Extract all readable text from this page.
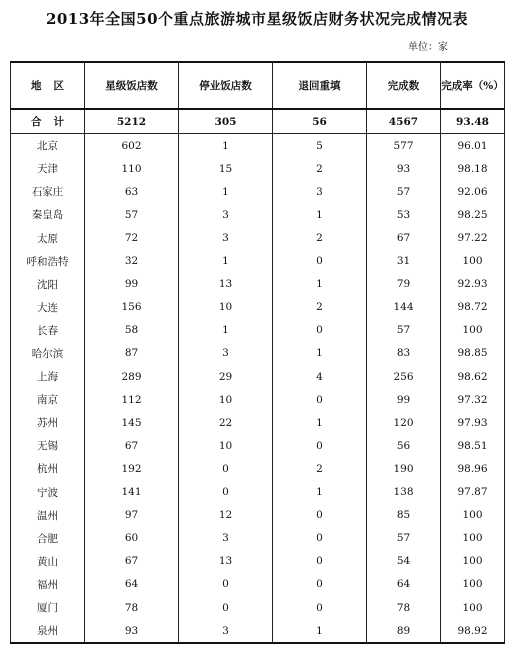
2013年全国50个重点旅游城市星级饭店财务状况完成情况表
单位：家
地区	星级饭店数	停业饭店数	退回重填	完成数	完成率（%）
合计	5212	305	56	4567	93.48
北京	602	1	5	577	96.01
天津	110	15	2	93	98.18
石家庄	63	1	3	57	92.06
秦皇岛	57	3	1	53	98.25
太原	72	3	2	67	97.22
呼和浩特	32	1	0	31	100
沈阳	99	13	1	79	92.93
大连	156	10	2	144	98.72
长春	58	1	0	57	100
哈尔滨	87	3	1	83	98.85
上海	289	29	4	256	98.62
南京	112	10	0	99	97.32
苏州	145	22	1	120	97.93
无锡	67	10	0	56	98.51
杭州	192	0	2	190	98.96
宁波	141	0	1	138	97.87
温州	97	12	0	85	100
合肥	60	3	0	57	100
黄山	67	13	0	54	100
福州	64	0	0	64	100
厦门	78	0	0	78	100
泉州	93	3	1	89	98.92
